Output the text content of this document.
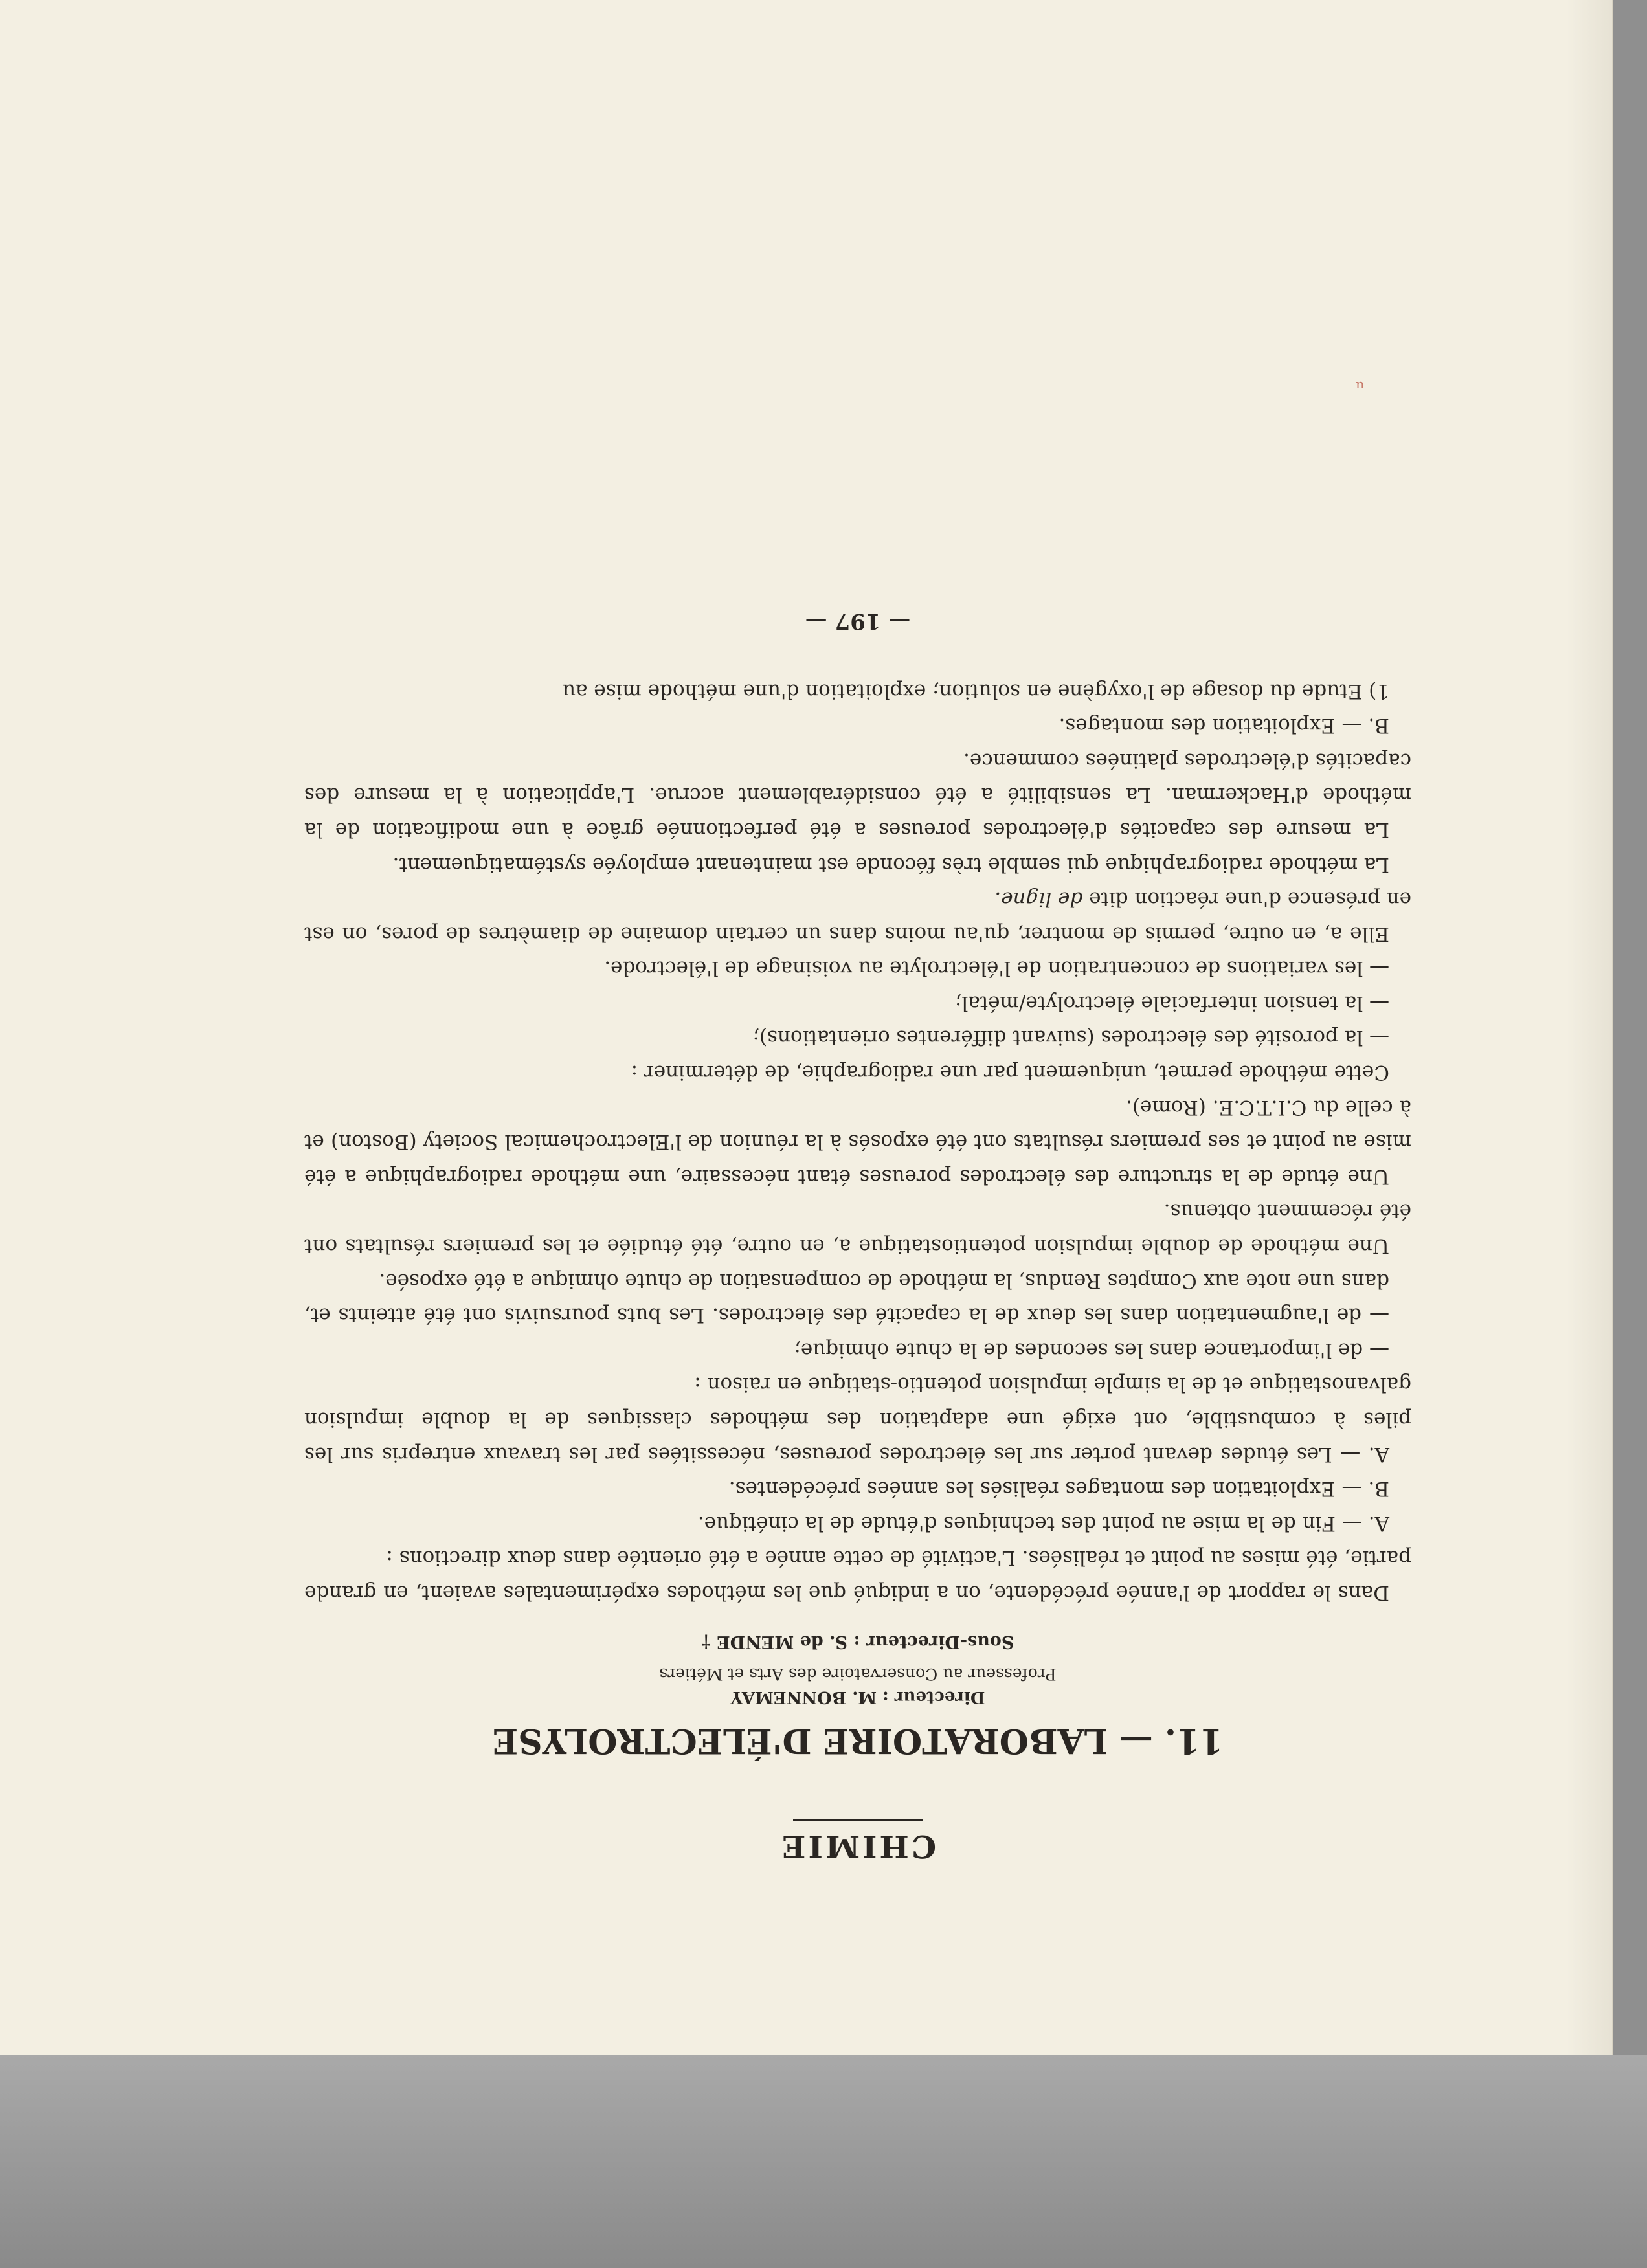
ⁿ
CHIMIE
11. — LABORATOIRE D'ÉLECTROLYSE
Directeur : M. BONNEMAY
Professeur au Conservatoire des Arts et Métiers
Sous-Directeur : S. de MENDE †

Dans le rapport de l'année précédente, on a indiqué que les méthodes expérimentales avaient, en grande partie, été mises au point et réalisées. L'activité de cette année a été orientée dans deux directions :

A. — Fin de la mise au point des techniques d'étude de la cinétique.

B. — Exploitation des montages réalisés les années précédentes.

A. — Les études devant porter sur les électrodes poreuses, nécessitées par les travaux entrepris sur les piles à combustible, ont exigé une adaptation des méthodes classiques de la double impulsion galvanostatique et de la simple impulsion potentio-statique en raison :

— de l'importance dans les secondes de la chute ohmique;
— de l'augmentation dans les deux de la capacité des électrodes. Les buts poursuivis ont été atteints et, dans une note aux Comptes Rendus, la méthode de compensation de chute ohmique a été exposée.

Une méthode de double impulsion potentiostatique a, en outre, été étudiée et les premiers résultats ont été récemment obtenus.

Une étude de la structure des électrodes poreuses étant nécessaire, une méthode radiographique a été mise au point et ses premiers résultats ont été exposés à la réunion de l'Electrochemical Society (Boston) et à celle du C.I.T.C.E. (Rome).

Cette méthode permet, uniquement par une radiographie, de déterminer :

— la porosité des électrodes (suivant différentes orientations);
— la tension interfaciale électrolyte/métal;
— les variations de concentration de l'électrolyte au voisinage de l'électrode.

Elle a, en outre, permis de montrer, qu'au moins dans un certain domaine de diamètres de pores, on est en présence d'une réaction dite de ligne.

La méthode radiographique qui semble très féconde est maintenant employée systématiquement.

La mesure des capacités d'électrodes poreuses a été perfectionnée grâce à une modification de la méthode d'Hackerman. La sensibilité a été considérablement accrue. L'application à la mesure des capacités d'électrodes platinées commence.

B. — Exploitation des montages.

1) Etude du dosage de l'oxygène en solution; exploitation d'une méthode mise au

— 197 —
